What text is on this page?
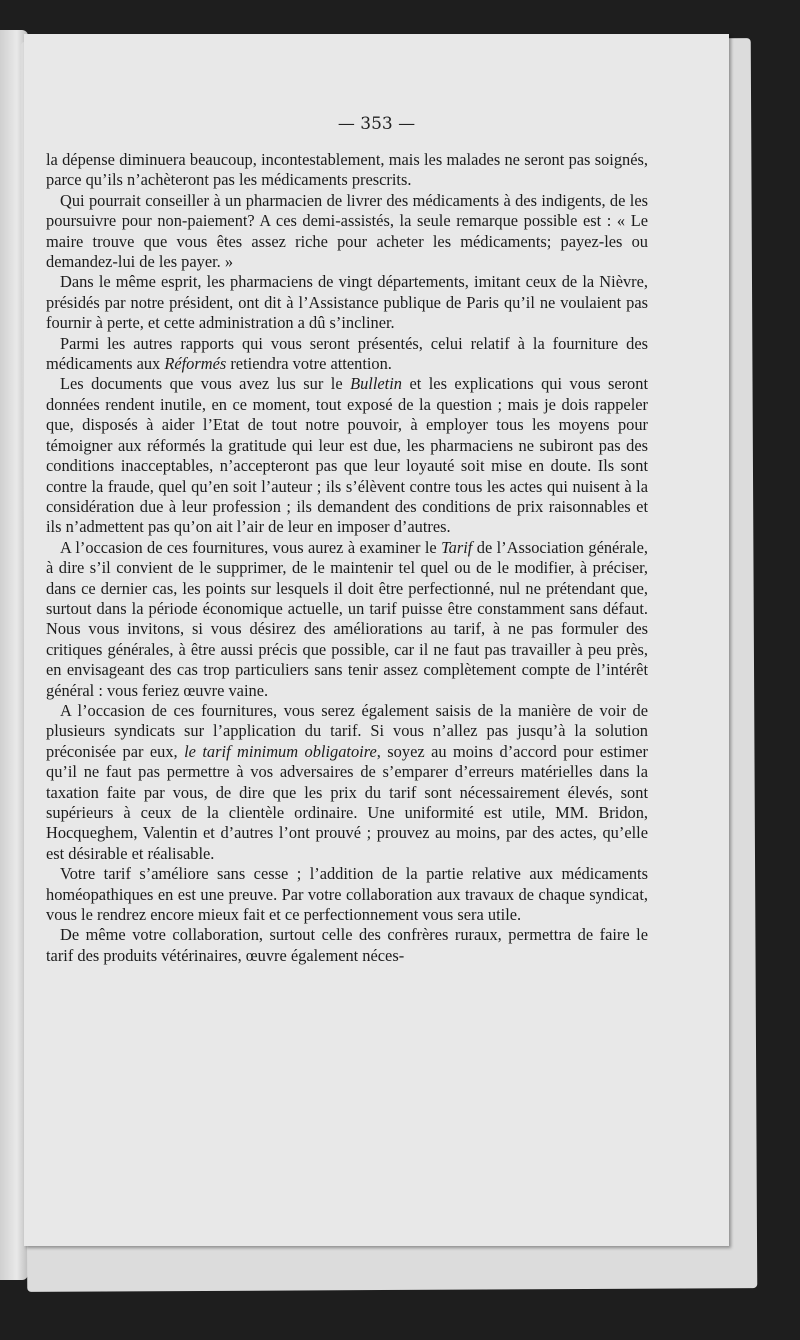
— 353 —

la dépense diminuera beaucoup, incontestablement, mais les malades ne seront pas soignés, parce qu’ils n’achèteront pas les médicaments prescrits.

Qui pourrait conseiller à un pharmacien de livrer des médicaments à des indigents, de les poursuivre pour non-paiement? A ces demi-assistés, la seule remarque possible est : « Le maire trouve que vous êtes assez riche pour acheter les médicaments; payez-les ou demandez-lui de les payer. »

Dans le même esprit, les pharmaciens de vingt départements, imitant ceux de la Nièvre, présidés par notre président, ont dit à l’Assistance publique de Paris qu’il ne voulaient pas fournir à perte, et cette administration a dû s’incliner.

Parmi les autres rapports qui vous seront présentés, celui relatif à la fourniture des médicaments aux Réformés retiendra votre attention.

Les documents que vous avez lus sur le Bulletin et les explications qui vous seront données rendent inutile, en ce moment, tout exposé de la question ; mais je dois rappeler que, disposés à aider l’Etat de tout notre pouvoir, à employer tous les moyens pour témoigner aux réformés la gratitude qui leur est due, les pharmaciens ne subiront pas des conditions inacceptables, n’accepteront pas que leur loyauté soit mise en doute. Ils sont contre la fraude, quel qu’en soit l’auteur ; ils s’élèvent contre tous les actes qui nuisent à la considération due à leur profession ; ils demandent des conditions de prix raisonnables et ils n’admettent pas qu’on ait l’air de leur en imposer d’autres.

A l’occasion de ces fournitures, vous aurez à examiner le Tarif de l’Association générale, à dire s’il convient de le supprimer, de le maintenir tel quel ou de le modifier, à préciser, dans ce dernier cas, les points sur lesquels il doit être perfectionné, nul ne prétendant que, surtout dans la période économique actuelle, un tarif puisse être constamment sans défaut. Nous vous invitons, si vous désirez des améliorations au tarif, à ne pas formuler des critiques générales, à être aussi précis que possible, car il ne faut pas travailler à peu près, en envisageant des cas trop particuliers sans tenir assez complètement compte de l’intérêt général : vous feriez œuvre vaine.

A l’occasion de ces fournitures, vous serez également saisis de la manière de voir de plusieurs syndicats sur l’application du tarif. Si vous n’allez pas jusqu’à la solution préconisée par eux, le tarif minimum obligatoire, soyez au moins d’accord pour estimer qu’il ne faut pas permettre à vos adversaires de s’emparer d’erreurs matérielles dans la taxation faite par vous, de dire que les prix du tarif sont nécessairement élevés, sont supérieurs à ceux de la clientèle ordinaire. Une uniformité est utile, MM. Bridon, Hocqueghem, Valentin et d’autres l’ont prouvé ; prouvez au moins, par des actes, qu’elle est désirable et réalisable.

Votre tarif s’améliore sans cesse ; l’addition de la partie relative aux médicaments homéopathiques en est une preuve. Par votre collaboration aux travaux de chaque syndicat, vous le rendrez encore mieux fait et ce perfectionnement vous sera utile.

De même votre collaboration, surtout celle des confrères ruraux, permettra de faire le tarif des produits vétérinaires, œuvre également néces-
